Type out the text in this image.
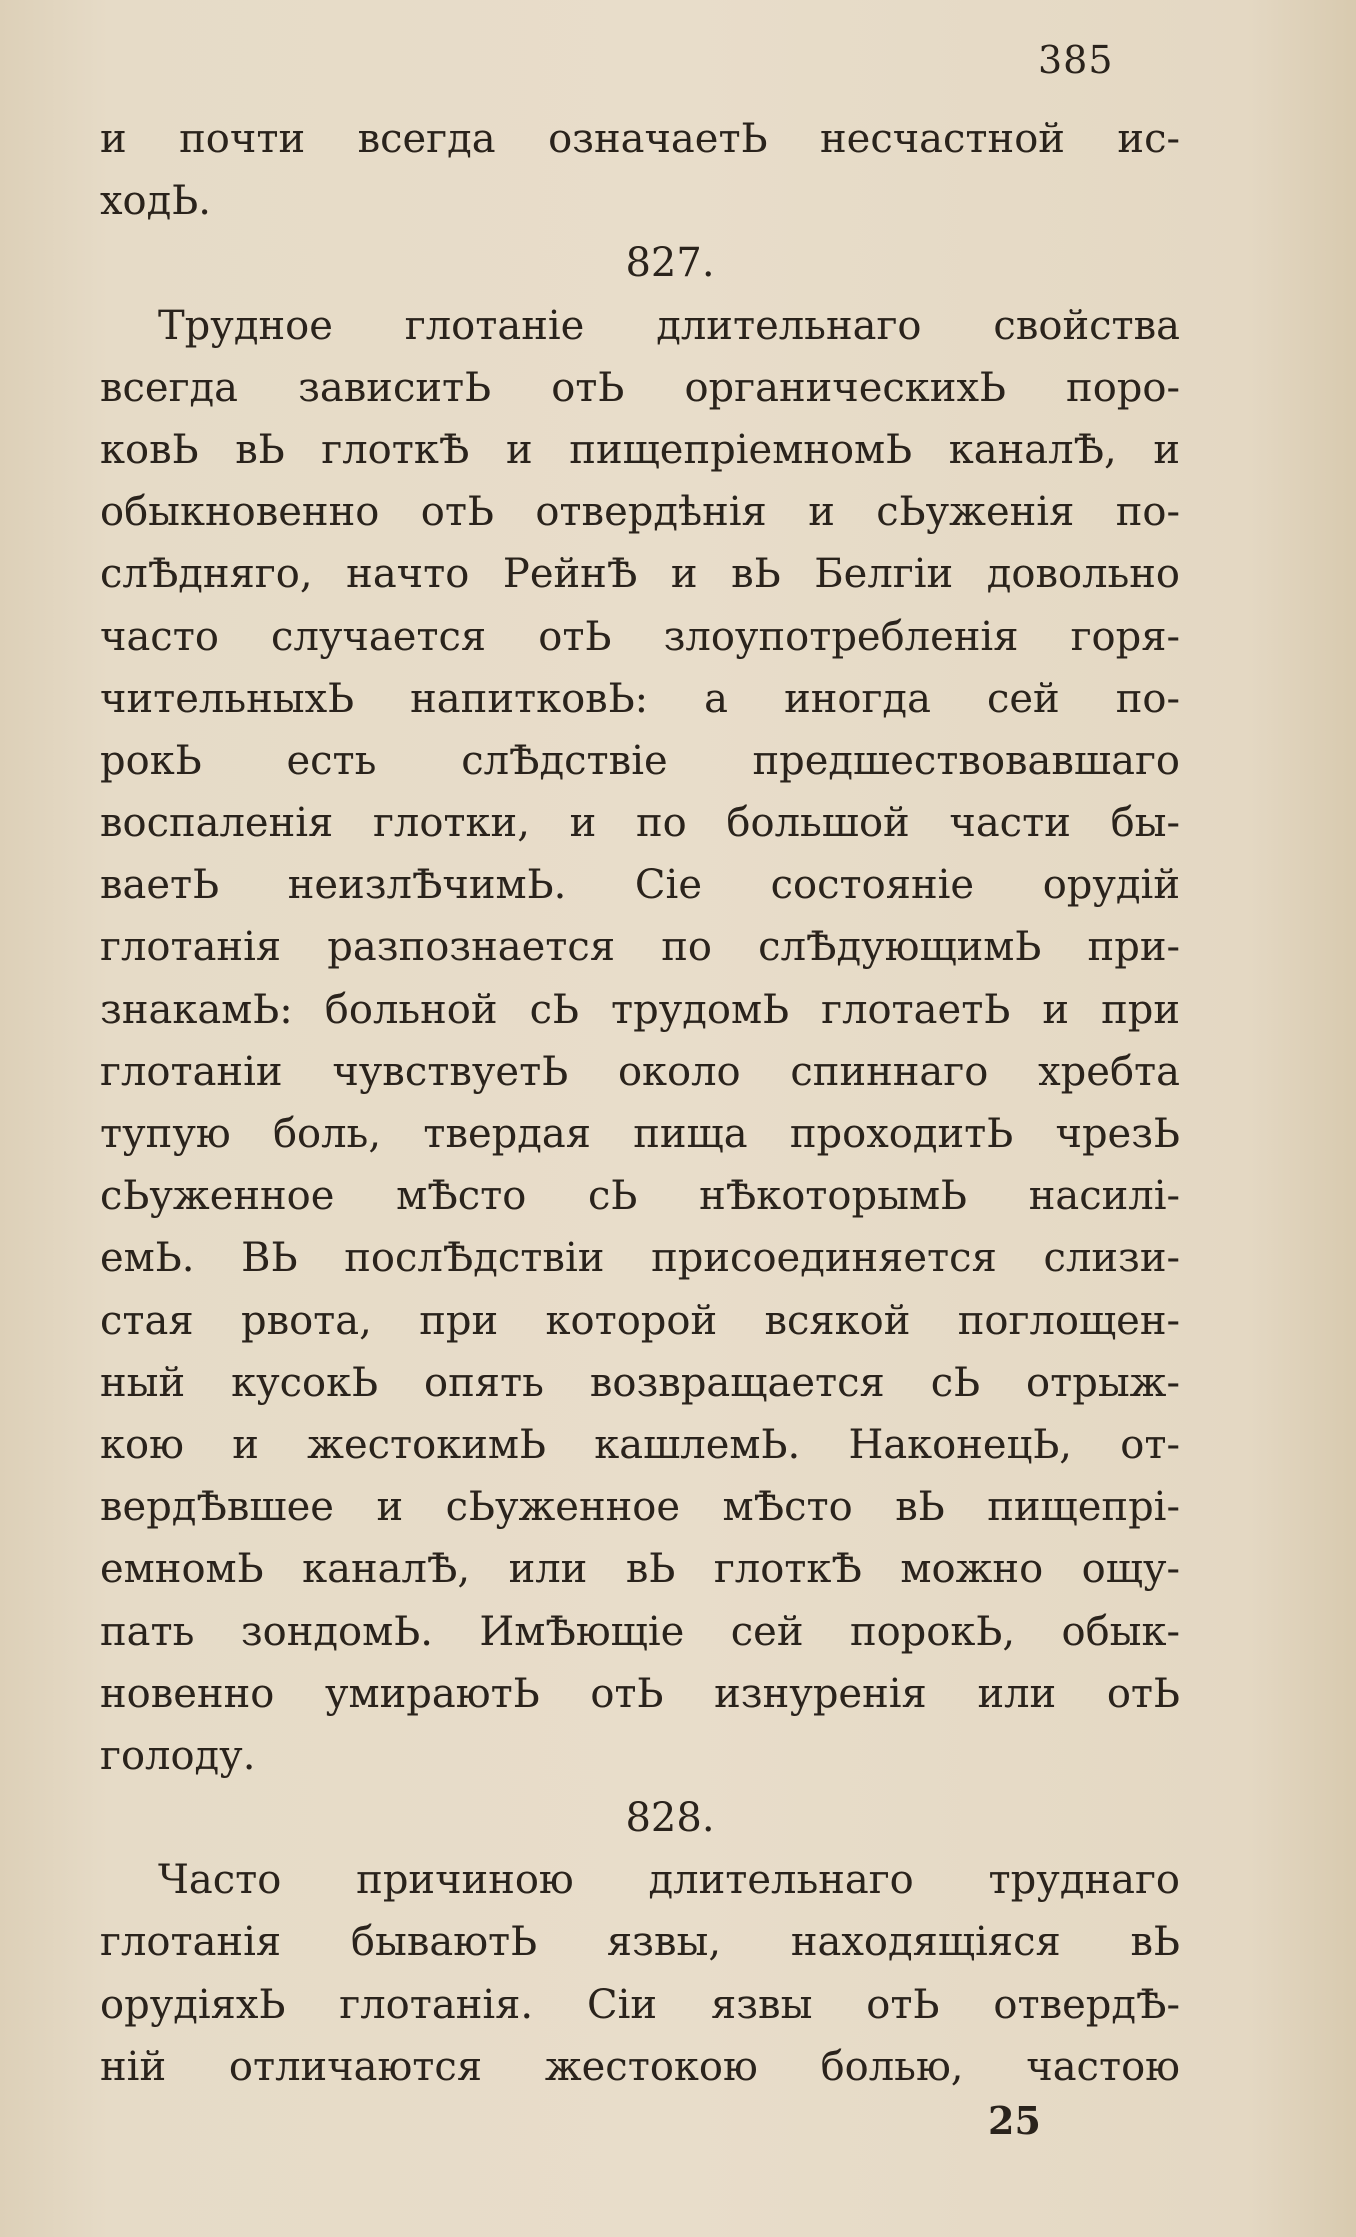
385
и почти всегда означаетЬ несчастной ис-
ходЬ.
827.
Трудное глотаніе длительнаго свойства
всегда зависитЬ отЬ органическихЬ поро-
ковЬ вЬ глоткѢ и пищепріемномЬ каналѢ, и
обыкновенно отЬ отвердѣнія и сЬуженія по-
слѢдняго, начто РейнѢ и вЬ Белгіи довольно
часто случается отЬ злоупотребленія горя-
чительныхЬ напитковЬ: а иногда сей по-
рокЬ есть слѢдствіе предшествовавшаго
воспаленія глотки, и по большой части бы-
ваетЬ неизлѢчимЬ. Сіе состояніе орудій
глотанія разпознается по слѢдующимЬ при-
знакамЬ: больной сЬ трудомЬ глотаетЬ и при
глотаніи чувствуетЬ около спиннаго хребта
тупую боль, твердая пища проходитЬ чрезЬ
сЬуженное мѢсто сЬ нѢкоторымЬ насилі-
емЬ. ВЬ послѢдствіи присоединяется слизи-
стая рвота, при которой всякой поглощен-
ный кусокЬ опять возвращается сЬ отрыж-
кою и жестокимЬ кашлемЬ. НаконецЬ, от-
вердѢвшее и сЬуженное мѢсто вЬ пищепрі-
емномЬ каналѢ, или вЬ глоткѢ можно ощу-
пать зондомЬ. ИмѢющіе сей порокЬ, обык-
новенно умираютЬ отЬ изнуренія или отЬ
голоду.
828.
Часто причиною длительнаго труднаго
глотанія бываютЬ язвы, находящіяся вЬ
орудіяхЬ глотанія. Сіи язвы отЬ отвердѢ-
ній отличаются жестокою болью, частою
25
